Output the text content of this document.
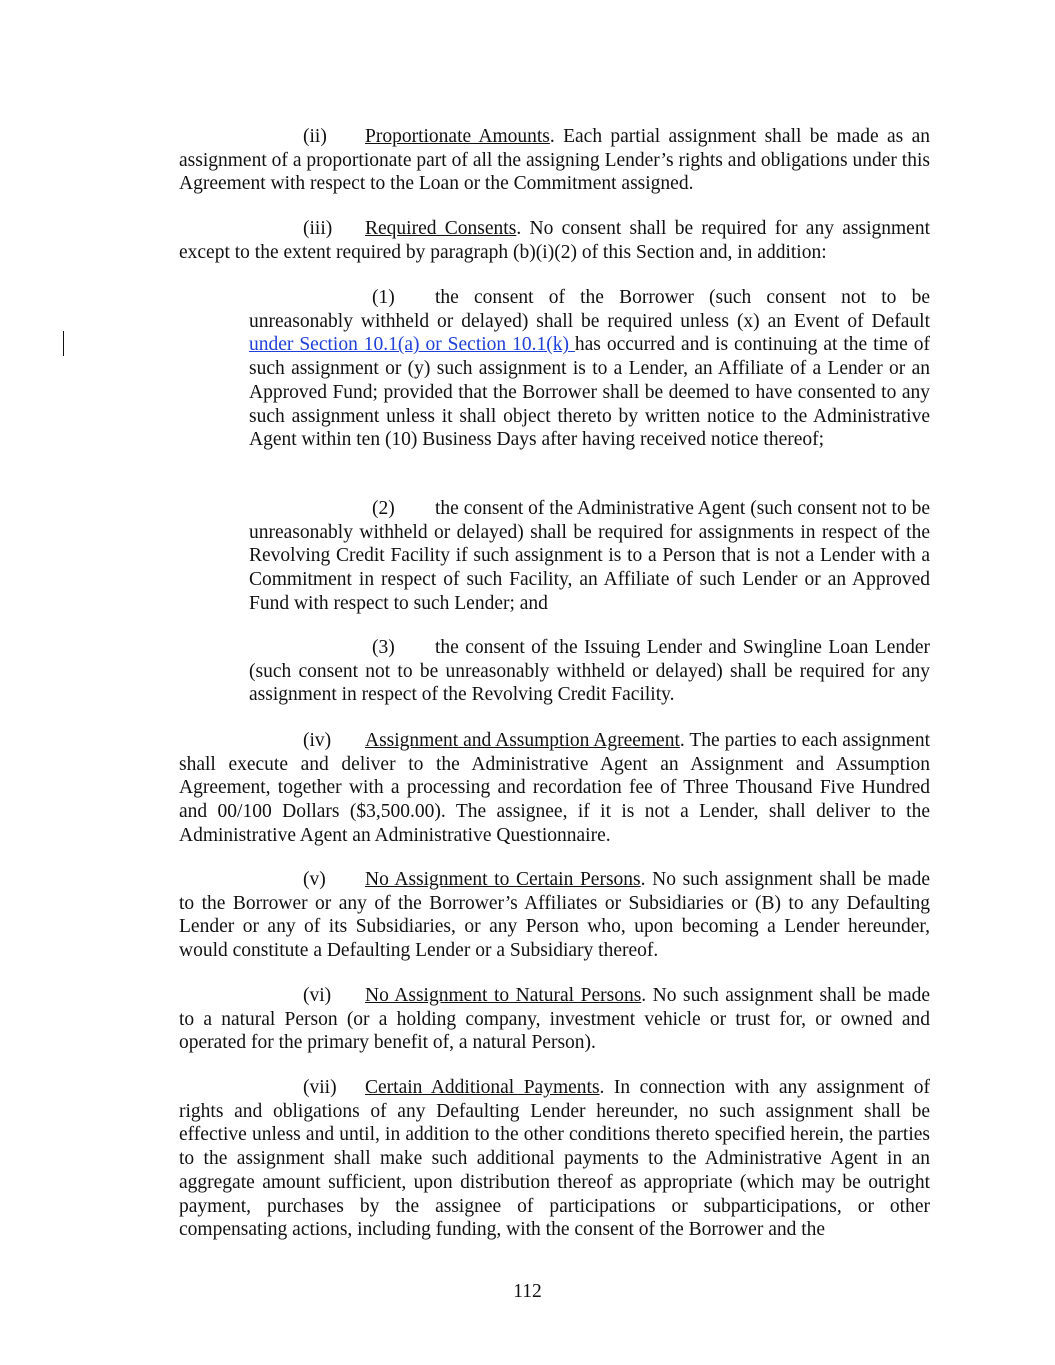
(ii) Proportionate Amounts. Each partial assignment shall be made as an assignment of a proportionate part of all the assigning Lender’s rights and obligations under this Agreement with respect to the Loan or the Commitment assigned.

(iii) Required Consents. No consent shall be required for any assignment except to the extent required by paragraph (b)(i)(2) of this Section and, in addition:

(1) the consent of the Borrower (such consent not to be unreasonably withheld or delayed) shall be required unless (x) an Event of Default under Section 10.1(a) or Section 10.1(k) has occurred and is continuing at the time of such assignment or (y) such assignment is to a Lender, an Affiliate of a Lender or an Approved Fund; provided that the Borrower shall be deemed to have consented to any such assignment unless it shall object thereto by written notice to the Administrative Agent within ten (10) Business Days after having received notice thereof;

(2) the consent of the Administrative Agent (such consent not to be unreasonably withheld or delayed) shall be required for assignments in respect of the Revolving Credit Facility if such assignment is to a Person that is not a Lender with a Commitment in respect of such Facility, an Affiliate of such Lender or an Approved Fund with respect to such Lender; and

(3) the consent of the Issuing Lender and Swingline Loan Lender (such consent not to be unreasonably withheld or delayed) shall be required for any assignment in respect of the Revolving Credit Facility.

(iv) Assignment and Assumption Agreement. The parties to each assignment shall execute and deliver to the Administrative Agent an Assignment and Assumption Agreement, together with a processing and recordation fee of Three Thousand Five Hundred and 00/100 Dollars ($3,500.00). The assignee, if it is not a Lender, shall deliver to the Administrative Agent an Administrative Questionnaire.

(v) No Assignment to Certain Persons. No such assignment shall be made to the Borrower or any of the Borrower’s Affiliates or Subsidiaries or (B) to any Defaulting Lender or any of its Subsidiaries, or any Person who, upon becoming a Lender hereunder, would constitute a Defaulting Lender or a Subsidiary thereof.

(vi) No Assignment to Natural Persons. No such assignment shall be made to a natural Person (or a holding company, investment vehicle or trust for, or owned and operated for the primary benefit of, a natural Person).

(vii) Certain Additional Payments. In connection with any assignment of rights and obligations of any Defaulting Lender hereunder, no such assignment shall be effective unless and until, in addition to the other conditions thereto specified herein, the parties to the assignment shall make such additional payments to the Administrative Agent in an aggregate amount sufficient, upon distribution thereof as appropriate (which may be outright payment, purchases by the assignee of participations or subparticipations, or other compensating actions, including funding, with the consent of the Borrower and the

112
